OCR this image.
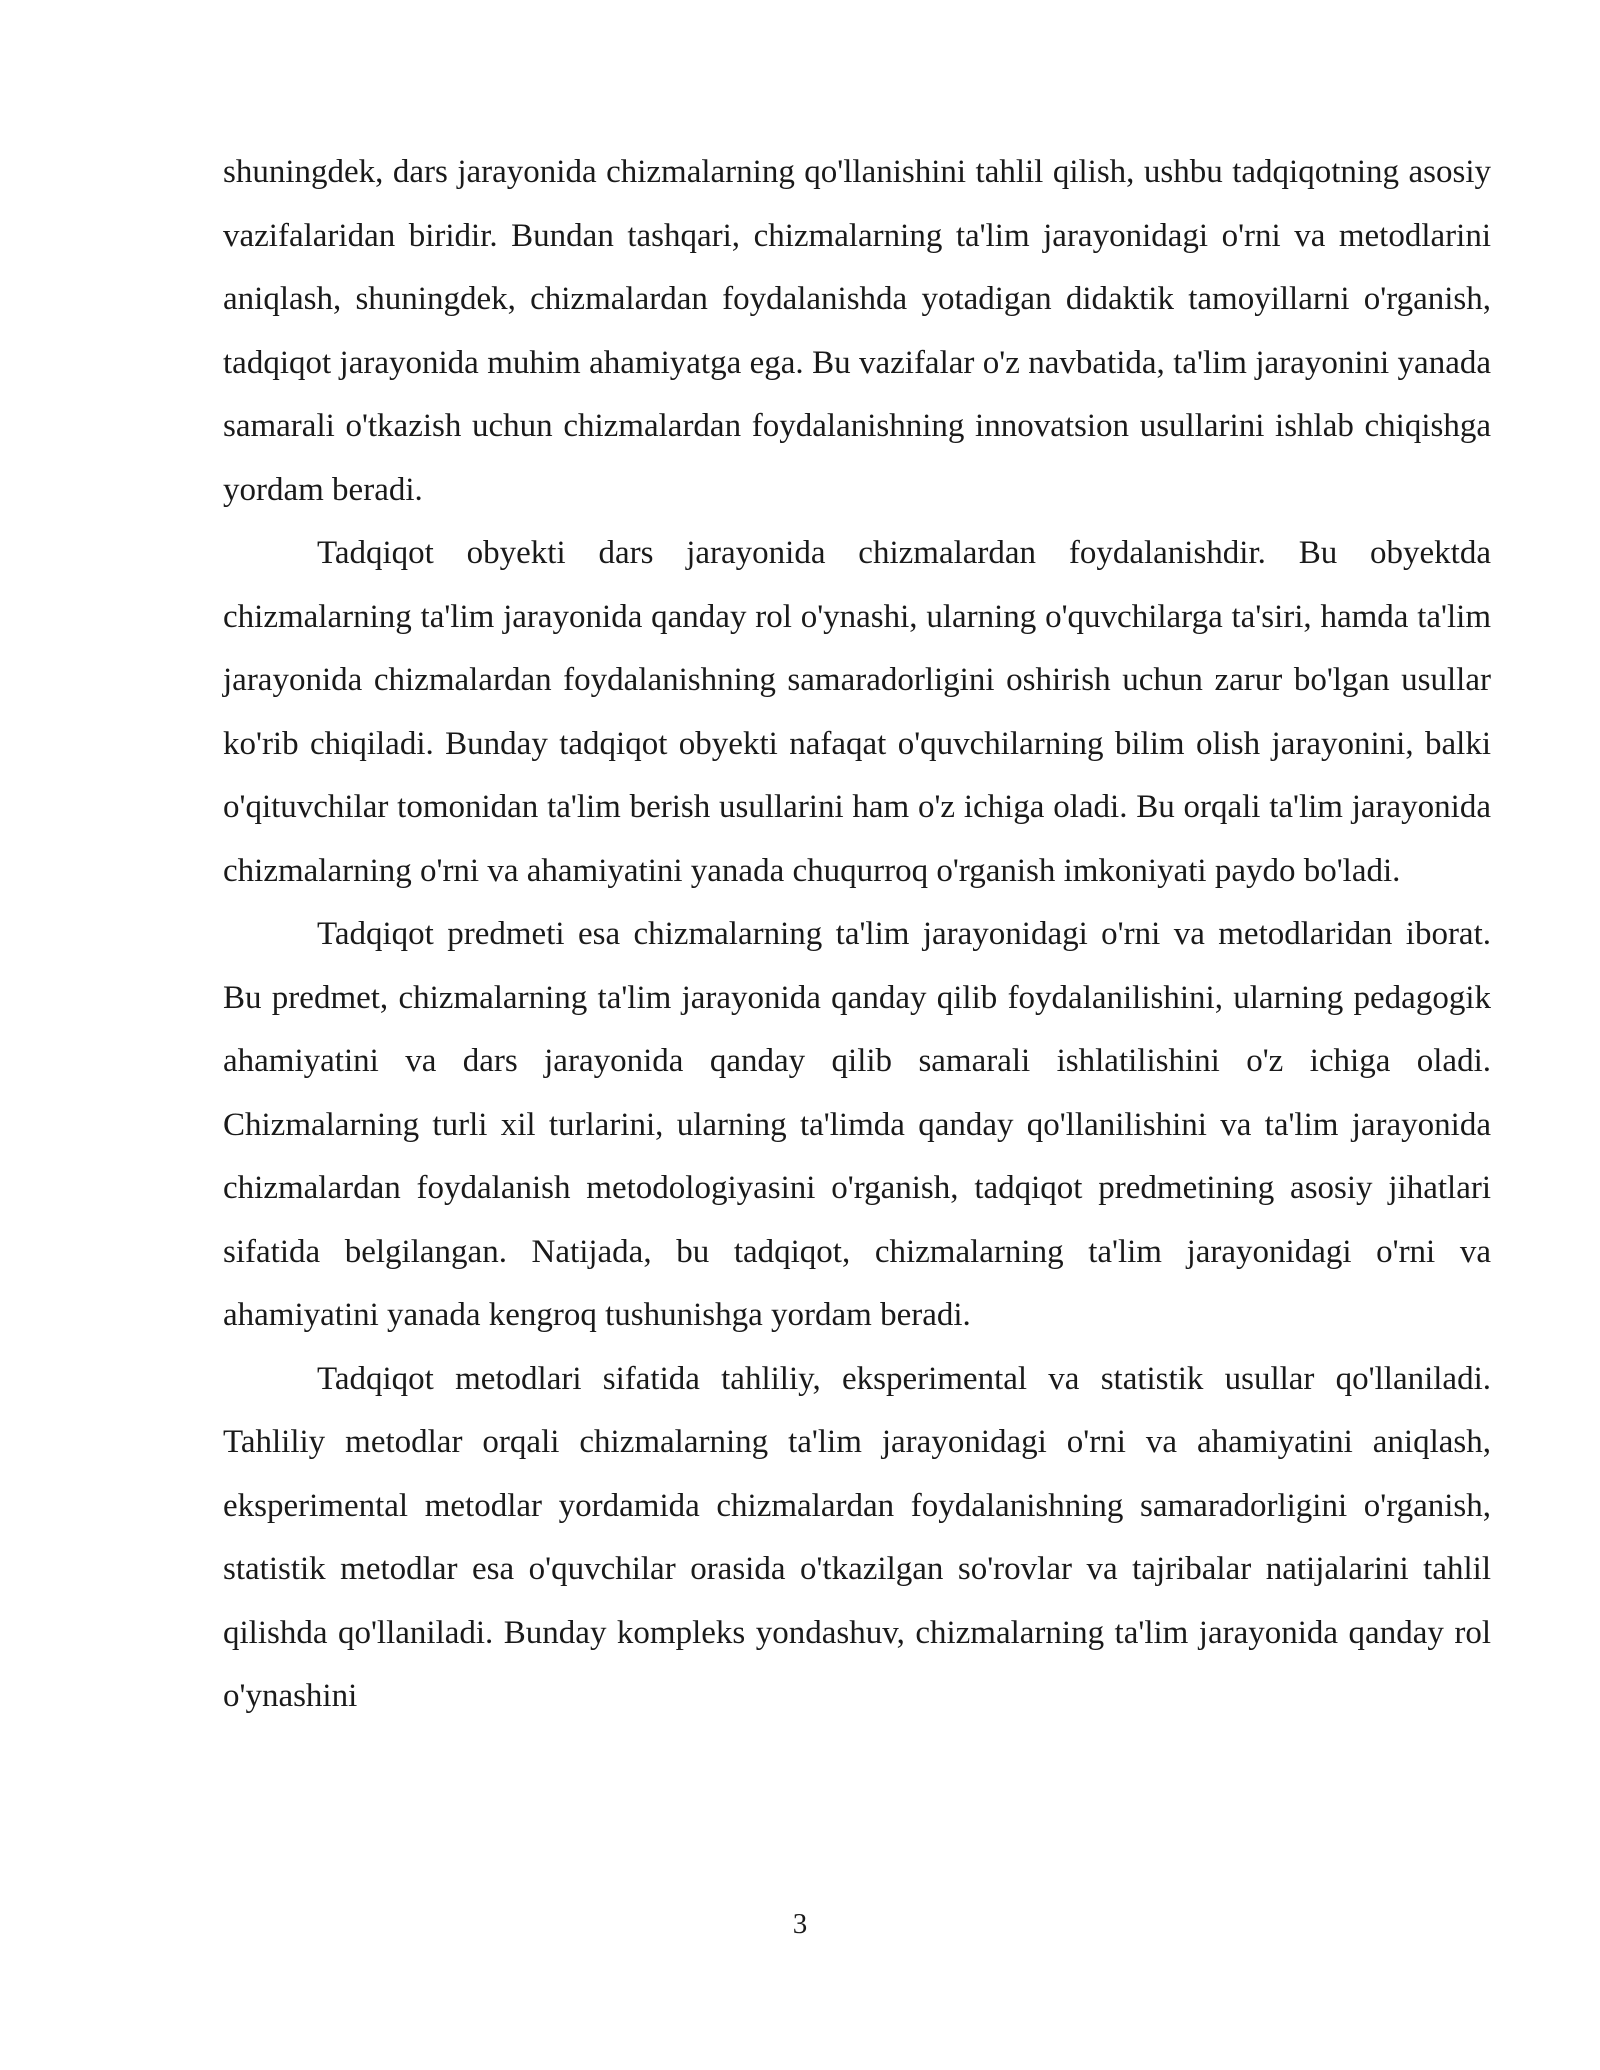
shuningdek, dars jarayonida chizmalarning qo'llanishini tahlil qilish, ushbu tadqiqotning asosiy vazifalaridan biridir. Bundan tashqari, chizmalarning ta'lim jarayonidagi o'rni va metodlarini aniqlash, shuningdek, chizmalardan foydalanishda yotadigan didaktik tamoyillarni o'rganish, tadqiqot jarayonida muhim ahamiyatga ega. Bu vazifalar o'z navbatida, ta'lim jarayonini yanada samarali o'tkazish uchun chizmalardan foydalanishning innovatsion usullarini ishlab chiqishga yordam beradi.

Tadqiqot obyekti dars jarayonida chizmalardan foydalanishdir. Bu obyektda chizmalarning ta'lim jarayonida qanday rol o'ynashi, ularning o'quvchilarga ta'siri, hamda ta'lim jarayonida chizmalardan foydalanishning samaradorligini oshirish uchun zarur bo'lgan usullar ko'rib chiqiladi. Bunday tadqiqot obyekti nafaqat o'quvchilarning bilim olish jarayonini, balki o'qituvchilar tomonidan ta'lim berish usullarini ham o'z ichiga oladi. Bu orqali ta'lim jarayonida chizmalarning o'rni va ahamiyatini yanada chuqurroq o'rganish imkoniyati paydo bo'ladi.

Tadqiqot predmeti esa chizmalarning ta'lim jarayonidagi o'rni va metodlaridan iborat. Bu predmet, chizmalarning ta'lim jarayonida qanday qilib foydalanilishini, ularning pedagogik ahamiyatini va dars jarayonida qanday qilib samarali ishlatilishini o'z ichiga oladi. Chizmalarning turli xil turlarini, ularning ta'limda qanday qo'llanilishini va ta'lim jarayonida chizmalardan foydalanish metodologiyasini o'rganish, tadqiqot predmetining asosiy jihatlari sifatida belgilangan. Natijada, bu tadqiqot, chizmalarning ta'lim jarayonidagi o'rni va ahamiyatini yanada kengroq tushunishga yordam beradi.

Tadqiqot metodlari sifatida tahliliy, eksperimental va statistik usullar qo'llaniladi. Tahliliy metodlar orqali chizmalarning ta'lim jarayonidagi o'rni va ahamiyatini aniqlash, eksperimental metodlar yordamida chizmalardan foydalanishning samaradorligini o'rganish, statistik metodlar esa o'quvchilar orasida o'tkazilgan so'rovlar va tajribalar natijalarini tahlil qilishda qo'llaniladi. Bunday kompleks yondashuv, chizmalarning ta'lim jarayonida qanday rol o'ynashini

3
